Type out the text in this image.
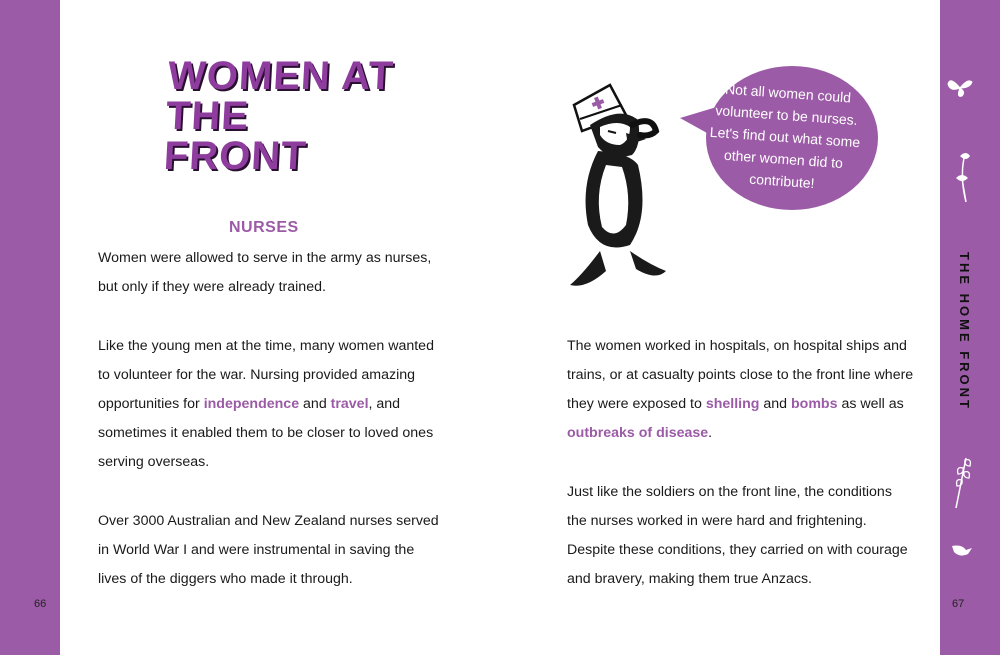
66	67
WOMEN AT
THE FRONT
NURSES

Women were allowed to serve in the army as nurses, but only if they were already trained.

Like the young men at the time, many women wanted to volunteer for the war. Nursing provided amazing opportunities for independence and travel, and sometimes it enabled them to be closer to loved ones serving overseas.

Over 3000 Australian and New Zealand nurses served in World War I and were instrumental in saving the lives of the diggers who made it through.

Not all women could volunteer to be nurses. Let's find out what some other women did to contribute!

The women worked in hospitals, on hospital ships and trains, or at casualty points close to the front line where they were exposed to shelling and bombs as well as outbreaks of disease.

Just like the soldiers on the front line, the conditions the nurses worked in were hard and frightening. Despite these conditions, they carried on with courage and bravery, making them true Anzacs.

THE HOME FRONT
